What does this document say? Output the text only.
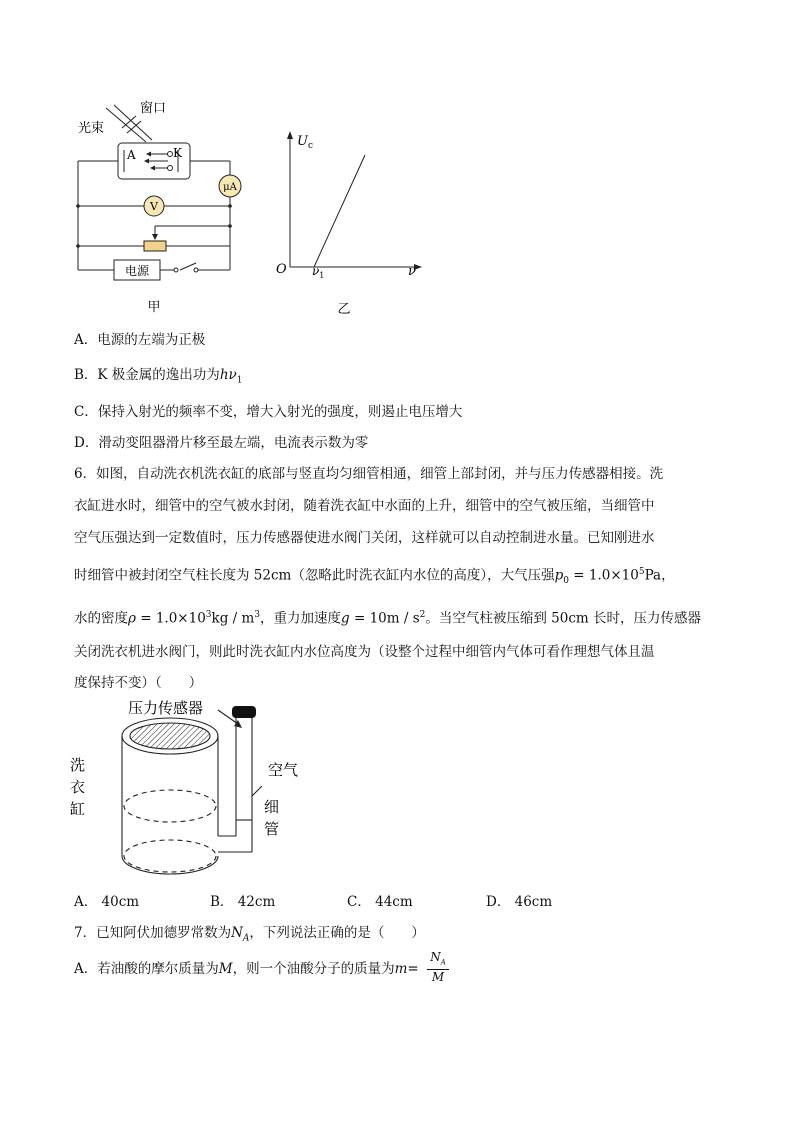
μA
V
窗口
光束
A	K
电源
甲
$U_c$
O $\nu_1$	ν
乙
A．电源的左端为正极
B．K 极金属的逸出功为$h\nu_1$
C．保持入射光的频率不变，增大入射光的强度，则遏止电压增大
D．滑动变阻器滑片移至最左端，电流表示数为零
6．如图，自动洗衣机洗衣缸的底部与竖直均匀细管相通，细管上部封闭，并与压力传感器相接。洗
衣缸进水时，细管中的空气被水封闭，随着洗衣缸中水面的上升，细管中的空气被压缩，当细管中
空气压强达到一定数值时，压力传感器使进水阀门关闭，这样就可以自动控制进水量。已知刚进水
时细管中被封闭空气柱长度为 52cm（忽略此时洗衣缸内水位的高度），大气压强$p_0 = 1.0\times 10^5Pa$，
水的密度$\rho = 1.0\times 10^3kg / m^3$，重力加速度$g = 10m / s^2$。当空气柱被压缩到 50cm 长时，压力传感器
关闭洗衣机进水阀门，则此时洗衣缸内水位高度为（设整个过程中细管内气体可看作理想气体且温
度保持不变）（　　）
压力传感器
洗
衣
缸
空气
细
管
A． 40cm	B． 42cm	C． 44cm	D． 46cm
7．已知阿伏加德罗常数为$N_A$，下列说法正确的是（　　）
A．若油酸的摩尔质量为M，则一个油酸分子的质量为$m= \frac{N_A}{M}$
